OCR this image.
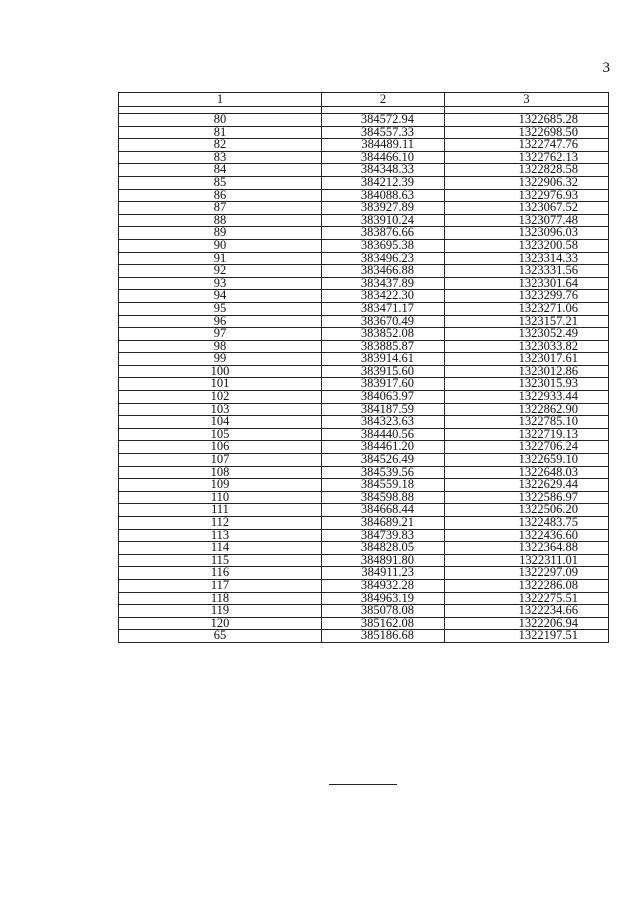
3
1	2	3

80	384572.94	1322685.28
81	384557.33	1322698.50
82	384489.11	1322747.76
83	384466.10	1322762.13
84	384348.33	1322828.58
85	384212.39	1322906.32
86	384088.63	1322976.93
87	383927.89	1323067.52
88	383910.24	1323077.48
89	383876.66	1323096.03
90	383695.38	1323200.58
91	383496.23	1323314.33
92	383466.88	1323331.56
93	383437.89	1323301.64
94	383422.30	1323299.76
95	383471.17	1323271.06
96	383670.49	1323157.21
97	383852.08	1323052.49
98	383885.87	1323033.82
99	383914.61	1323017.61
100	383915.60	1323012.86
101	383917.60	1323015.93
102	384063.97	1322933.44
103	384187.59	1322862.90
104	384323.63	1322785.10
105	384440.56	1322719.13
106	384461.20	1322706.24
107	384526.49	1322659.10
108	384539.56	1322648.03
109	384559.18	1322629.44
110	384598.88	1322586.97
111	384668.44	1322506.20
112	384689.21	1322483.75
113	384739.83	1322436.60
114	384828.05	1322364.88
115	384891.80	1322311.01
116	384911.23	1322297.09
117	384932.28	1322286.08
118	384963.19	1322275.51
119	385078.08	1322234.66
120	385162.08	1322206.94
65	385186.68	1322197.51
